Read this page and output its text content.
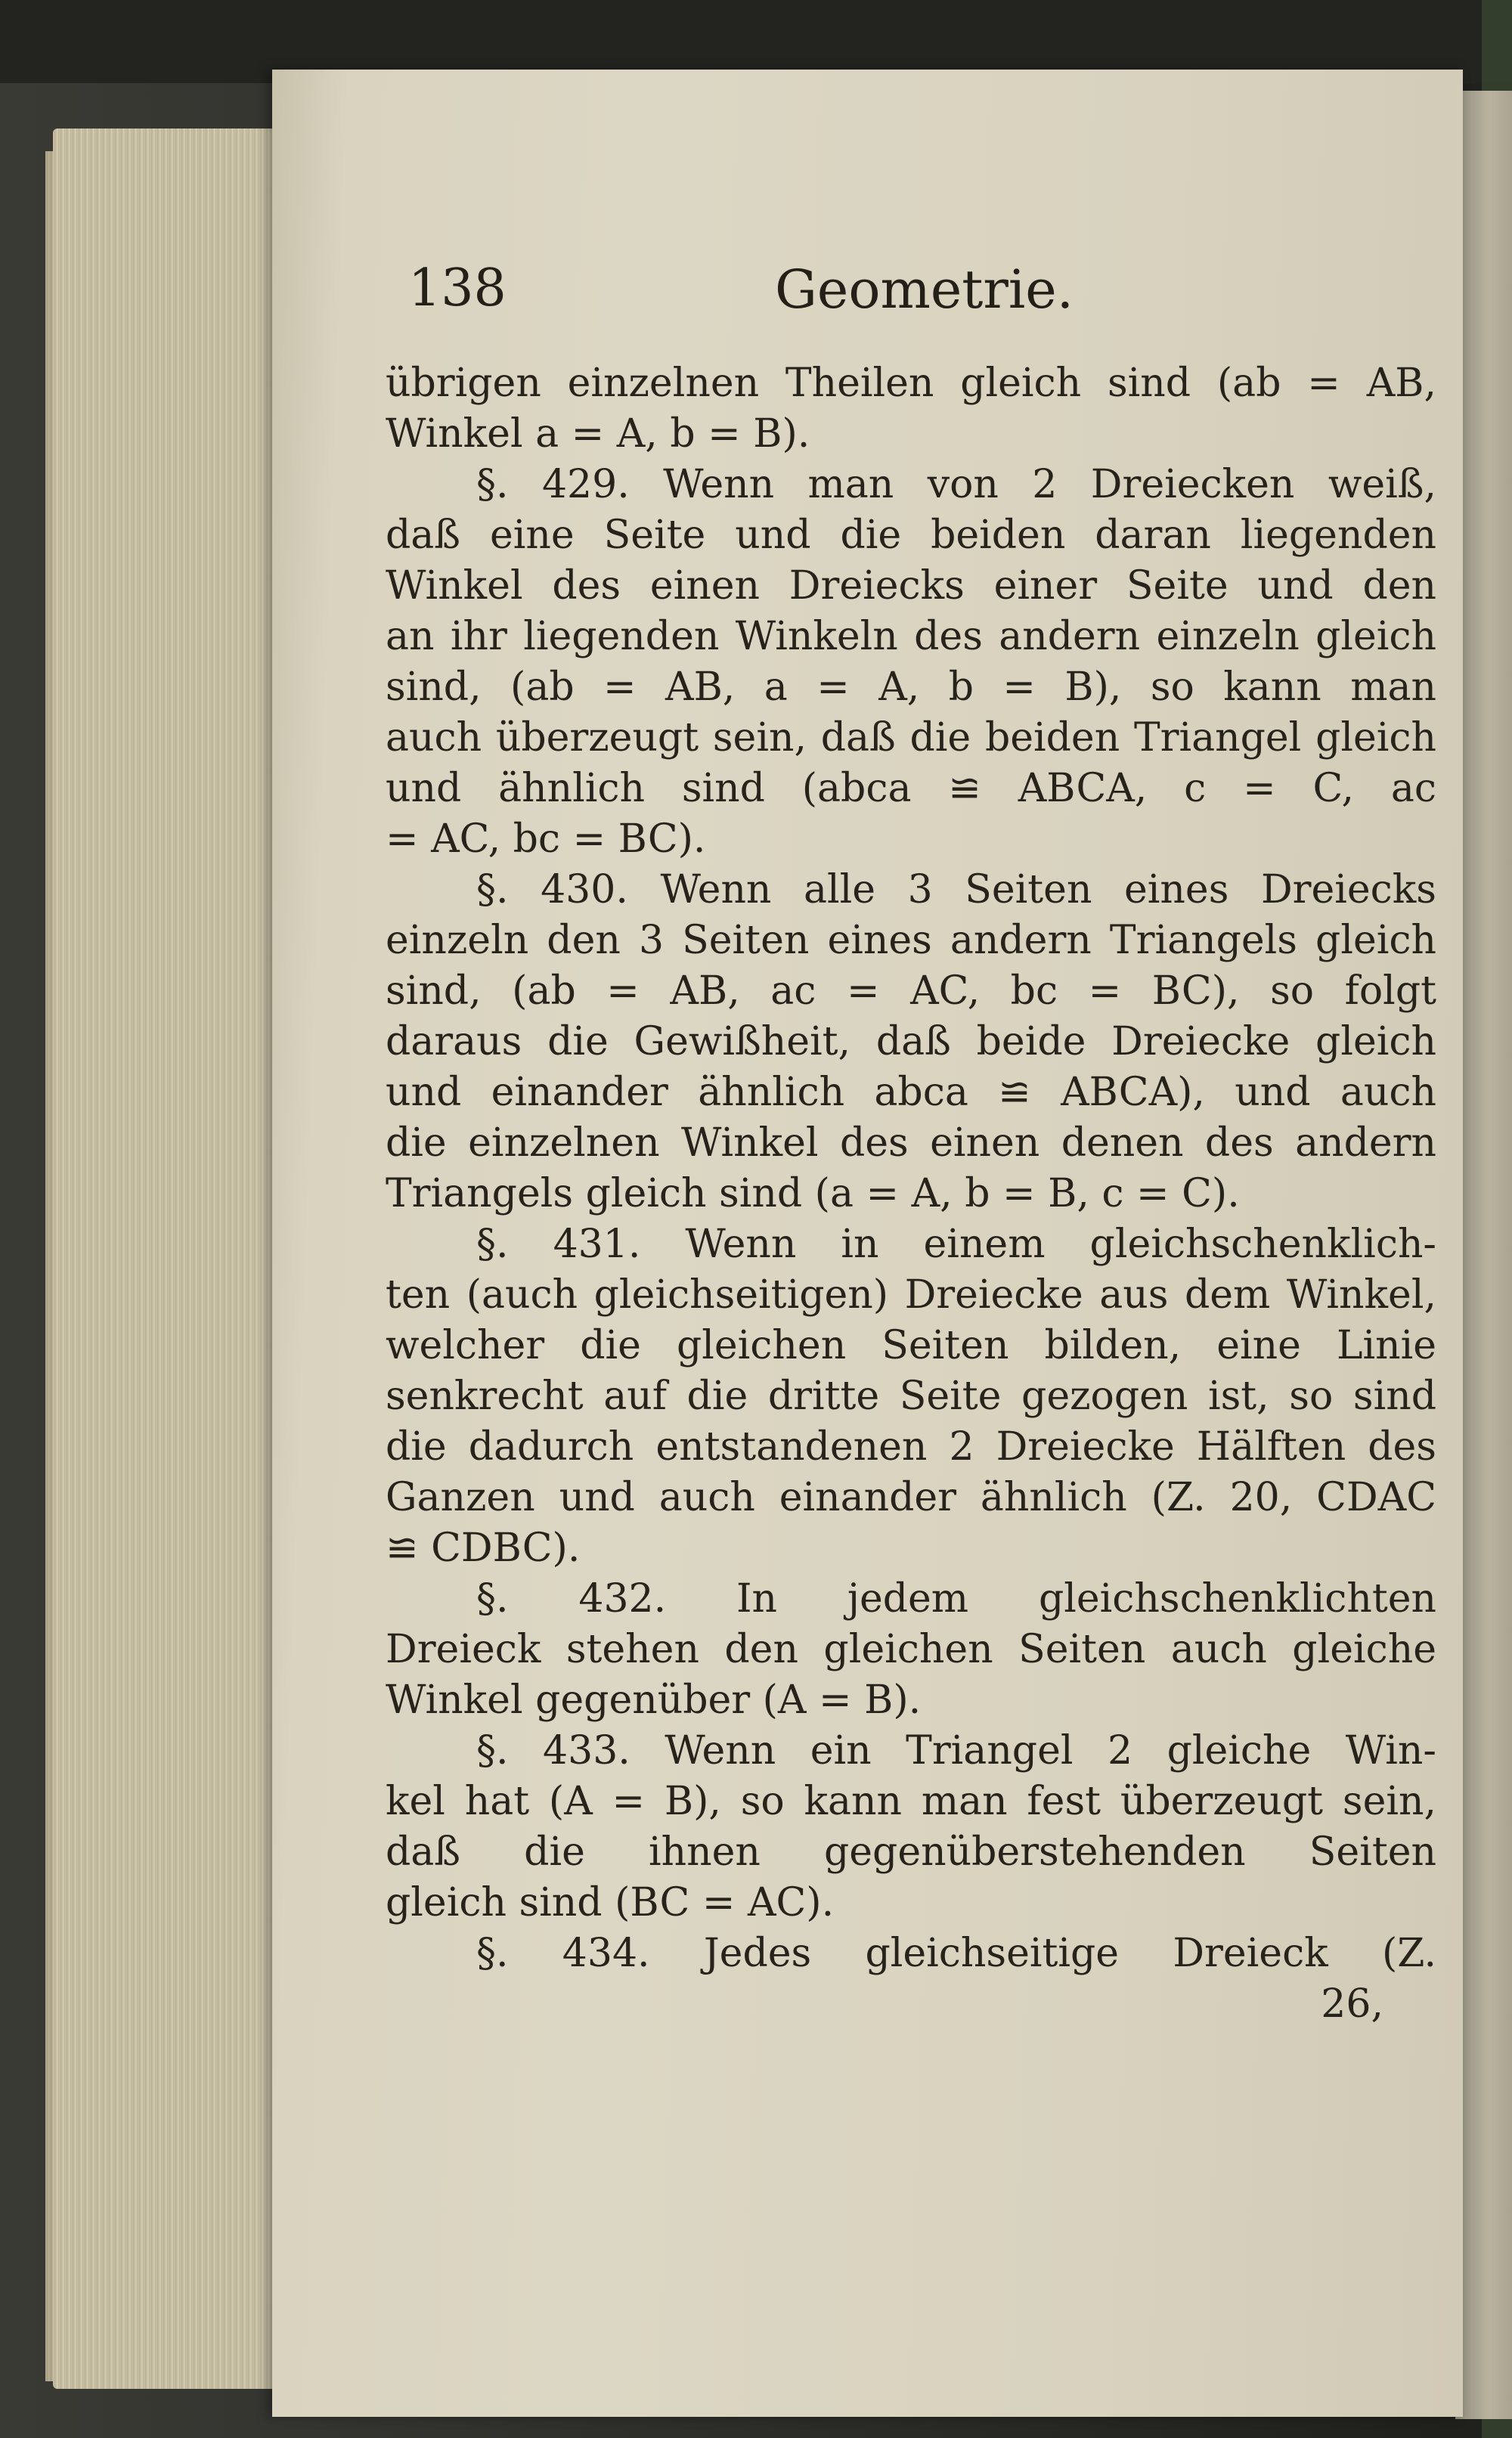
138	Geometrie.
übrigen einzelnen Theilen gleich sind (ab = AB,
Winkel a = A, b = B).
§. 429. Wenn man von 2 Dreiecken weiß,
daß eine Seite und die beiden daran liegenden
Winkel des einen Dreiecks einer Seite und den
an ihr liegenden Winkeln des andern einzeln gleich
sind, (ab = AB, a = A, b = B), so kann man
auch überzeugt sein, daß die beiden Triangel gleich
und ähnlich sind (abca ≌ ABCA, c = C, ac
= AC, bc = BC).
§. 430. Wenn alle 3 Seiten eines Dreiecks
einzeln den 3 Seiten eines andern Triangels gleich
sind, (ab = AB, ac = AC, bc = BC), so folgt
daraus die Gewißheit, daß beide Dreiecke gleich
und einander ähnlich abca ≌ ABCA), und auch
die einzelnen Winkel des einen denen des andern
Triangels gleich sind (a = A, b = B, c = C).
§. 431. Wenn in einem gleichschenklich-
ten (auch gleichseitigen) Dreiecke aus dem Winkel,
welcher die gleichen Seiten bilden, eine Linie
senkrecht auf die dritte Seite gezogen ist, so sind
die dadurch entstandenen 2 Dreiecke Hälften des
Ganzen und auch einander ähnlich (Z. 20, CDAC
≌ CDBC).
§. 432. In jedem gleichschenklichten
Dreieck stehen den gleichen Seiten auch gleiche
Winkel gegenüber (A = B).
§. 433. Wenn ein Triangel 2 gleiche Win-
kel hat (A = B), so kann man fest überzeugt sein,
daß die ihnen gegenüberstehenden Seiten
gleich sind (BC = AC).
§. 434. Jedes gleichseitige Dreieck (Z.
26,
